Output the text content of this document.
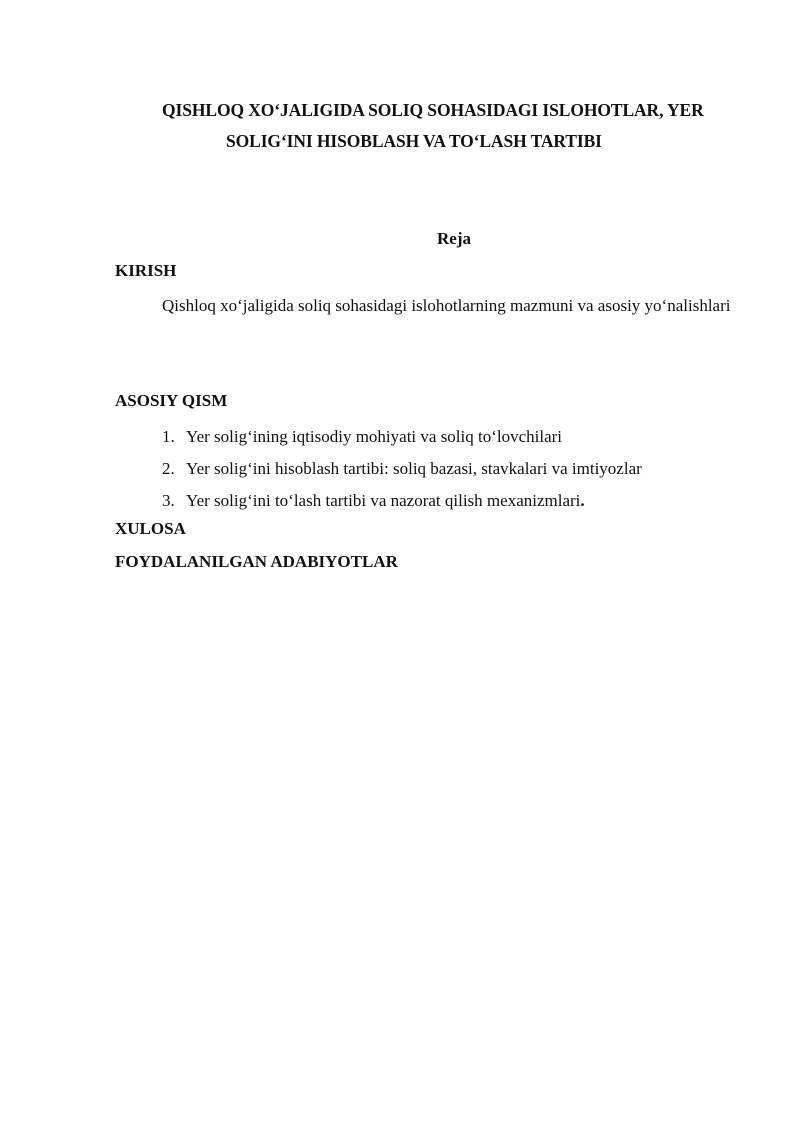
QISHLOQ XO‘JALIGIDA SOLIQ SOHASIDAGI ISLOHOTLAR, YER
SOLIG‘INI HISOBLASH VA TO‘LASH TARTIBI
Reja
KIRISH
Qishloq xo‘jaligida soliq sohasidagi islohotlarning mazmuni va asosiy yo‘nalishlari
ASOSIY QISM
1. Yer solig‘ining iqtisodiy mohiyati va soliq to‘lovchilari
2. Yer solig‘ini hisoblash tartibi: soliq bazasi, stavkalari va imtiyozlar
3. Yer solig‘ini to‘lash tartibi va nazorat qilish mexanizmlari.
XULOSA
FOYDALANILGAN ADABIYOTLAR
